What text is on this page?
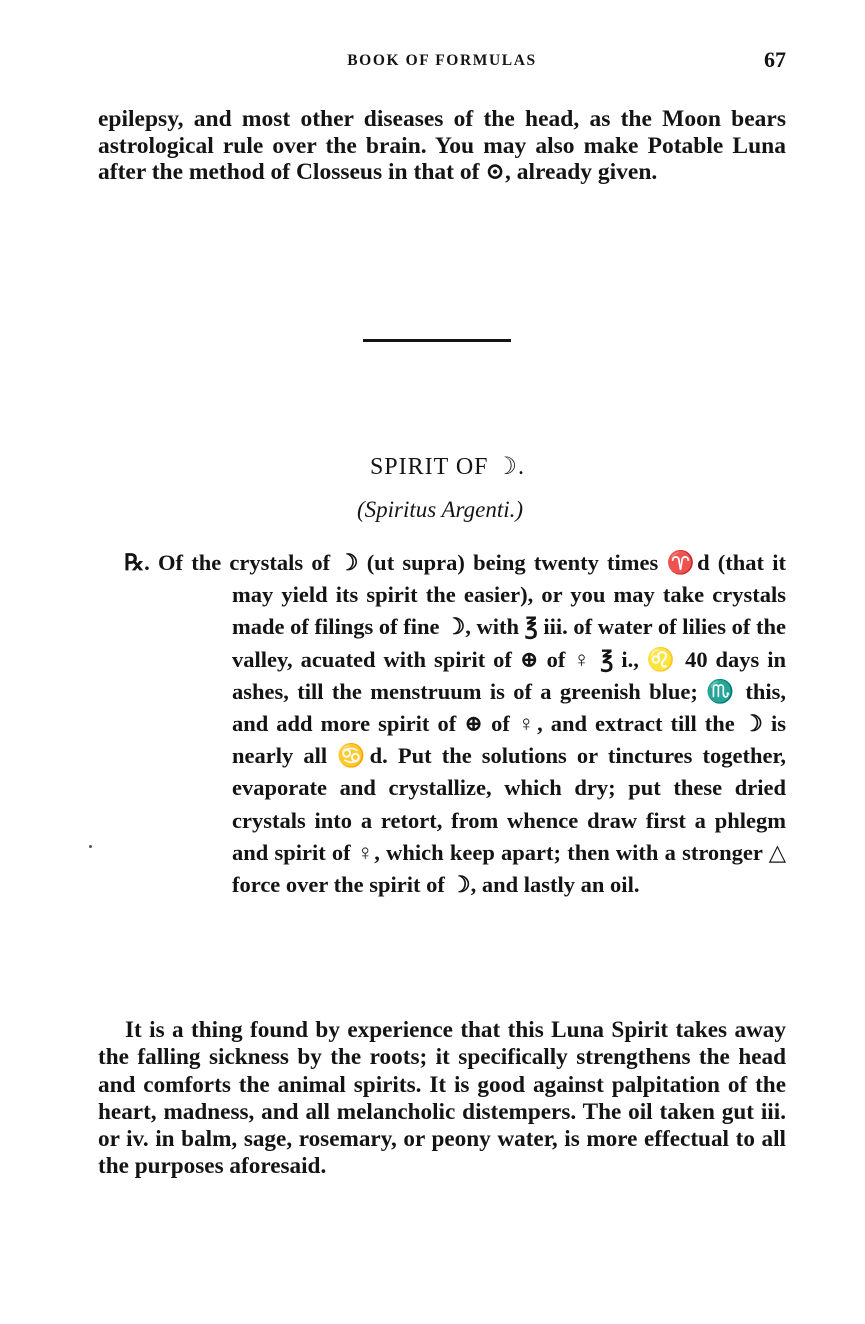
BOOK OF FORMULAS	67

epilepsy, and most other diseases of the head, as the Moon bears astrological rule over the brain. You may also make Potable Luna after the method of Closseus in that of ⊙, already given.

SPIRIT OF ☽.

(Spiritus Argenti.)

℞. Of the crystals of ☽ (ut supra) being twenty times ♈d (that it may yield its spirit the easier), or you may take crystals made of filings of fine ☽, with ℥ iii. of water of lilies of the valley, acuated with spirit of ⊕ of ♀ ℥ i., ♌ 40 days in ashes, till the menstruum is of a greenish blue; ♏ this, and add more spirit of ⊕ of ♀, and extract till the ☽ is nearly all ♋d. Put the solutions or tinctures together, evaporate and crystallize, which dry; put these dried crystals into a retort, from whence draw first a phlegm and spirit of ♀, which keep apart; then with a stronger △ force over the spirit of ☽, and lastly an oil.

It is a thing found by experience that this Luna Spirit takes away the falling sickness by the roots; it specifically strengthens the head and comforts the animal spirits. It is good against palpitation of the heart, madness, and all melancholic distempers. The oil taken gut iii. or iv. in balm, sage, rosemary, or peony water, is more effectual to all the purposes aforesaid.
